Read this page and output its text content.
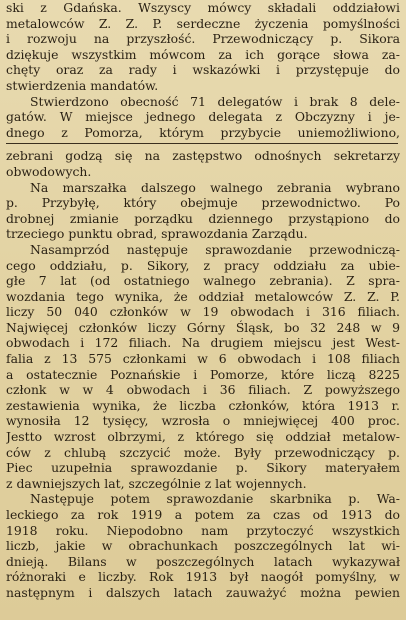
ski z Gdańska. Wszyscy mówcy składali oddziałowi
metalowców Z. Z. P. serdeczne życzenia pomyślności
i rozwoju na przyszłość. Przewodniczący p. Sikora
dziękuje wszystkim mówcom za ich gorące słowa za-
chęty oraz za rady i wskazówki i przystępuje do
stwierdzenia mandatów.

Stwierdzono obecność 71 delegatów i brak 8 dele-
gatów. W miejsce jednego delegata z Obczyzny i je-
dnego z Pomorza, którym przybycie uniemożliwiono,

zebrani godzą się na zastępstwo odnośnych sekretarzy
obwodowych.

Na marszałka dalszego walnego zebrania wybrano
p. Przybyłę, który obejmuje przewodnictwo. Po
drobnej zmianie porządku dziennego przystąpiono do
trzeciego punktu obrad, sprawozdania Zarządu.

Nasamprzód następuje sprawozdanie przewodniczą-
cego oddziału, p. Sikory, z pracy oddziału za ubie-
głe 7 lat (od ostatniego walnego zebrania). Z spra-
wozdania tego wynika, że oddział metalowców Z. Z. P.
liczy 50 040 członków w 19 obwodach i 316 filiach.
Najwięcej członków liczy Górny Śląsk, bo 32 248 w 9
obwodach i 172 filiach. Na drugiem miejscu jest West-
falia z 13 575 członkami w 6 obwodach i 108 filiach
a ostatecznie Poznańskie i Pomorze, które liczą 8225
członk w w 4 obwodach i 36 filiach. Z powyższego
zestawienia wynika, że liczba członków, która 1913 r.
wynosiła 12 tysięcy, wzrosła o mniejwięcej 400 proc.
Jestto wzrost olbrzymi, z którego się oddział metalow-
ców z chlubą szczycić może. Były przewodniczący p.
Piec uzupełnia sprawozdanie p. Sikory materyałem
z dawniejszych lat, szczególnie z lat wojennych.

Następuje potem sprawozdanie skarbnika p. Wa-
leckiego za rok 1919 a potem za czas od 1913 do
1918 roku. Niepodobno nam przytoczyć wszystkich
liczb, jakie w obrachunkach poszczególnych lat wi-
dnieją. Bilans w poszczególnych latach wykazywał
różnoraki e liczby. Rok 1913 był naogół pomyślny, w
następnym i dalszych latach zauważyć można pewien
